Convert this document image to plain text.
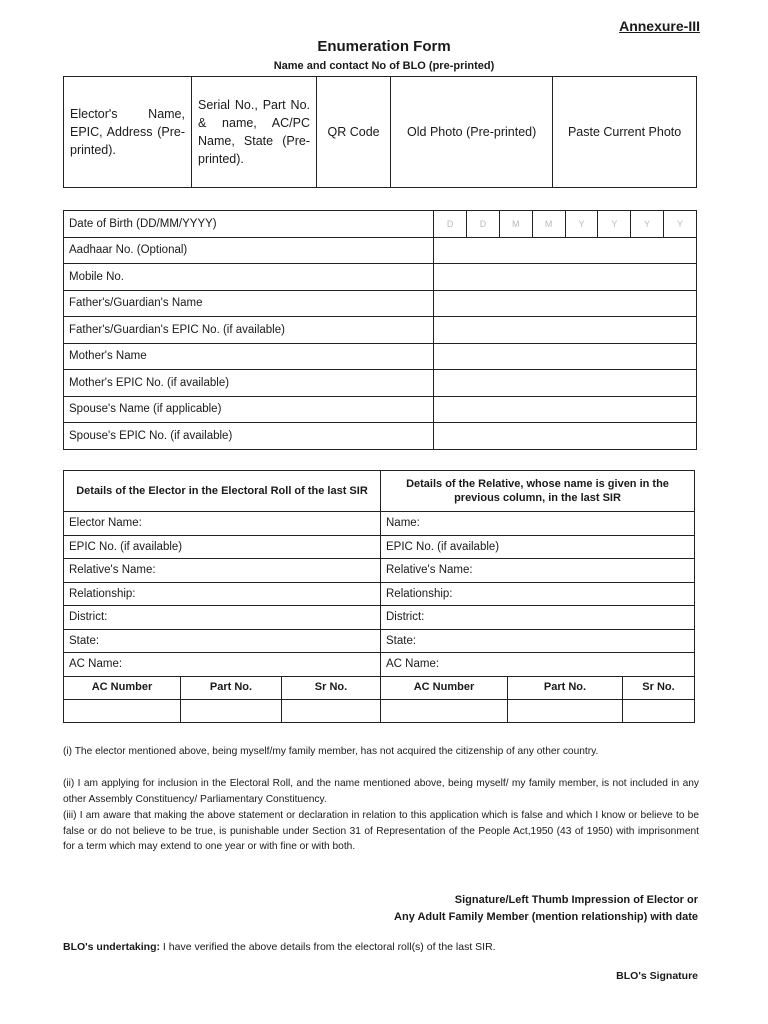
Annexure-III
Enumeration Form
Name and contact No of BLO (pre-printed)
Elector's Name, EPIC, Address (Pre-printed).	Serial No., Part No. & name, AC/PC Name, State (Pre-printed).	QR Code	Old Photo (Pre-printed)	Paste Current Photo
Date of Birth (DD/MM/YYYY)	D	D	M	M	Y	Y	Y	Y
Aadhaar No. (Optional)								
Mobile No.								
Father's/Guardian's Name								
Father's/Guardian's EPIC No. (if available)								
Mother's Name								
Mother's EPIC No. (if available)								
Spouse's Name (if applicable)								
Spouse's EPIC No. (if available)								
Details of the Elector in the Electoral Roll of the last SIR			Details of the Relative, whose name is given in the previous column, in the last SIR		
Elector Name:			Name:		
EPIC No. (if available)			EPIC No. (if available)		
Relative's Name:			Relative's Name:		
Relationship:			Relationship:		
District:			District:		
State:			State:		
AC Name:			AC Name:		
AC Number	Part No.	Sr No.	AC Number	Part No.	Sr No.

(i) The elector mentioned above, being myself/my family member, has not acquired the citizenship of any other country.
(ii) I am applying for inclusion in the Electoral Roll, and the name mentioned above, being myself/ my family member, is not included in any other Assembly Constituency/ Parliamentary Constituency.
(iii) I am aware that making the above statement or declaration in relation to this application which is false and which I know or believe to be false or do not believe to be true, is punishable under Section 31 of Representation of the People Act,1950 (43 of 1950) with imprisonment for a term which may extend to one year or with fine or with both.
Signature/Left Thumb Impression of Elector or
Any Adult Family Member (mention relationship) with date
BLO's undertaking: I have verified the above details from the electoral roll(s) of the last SIR.
BLO's Signature
